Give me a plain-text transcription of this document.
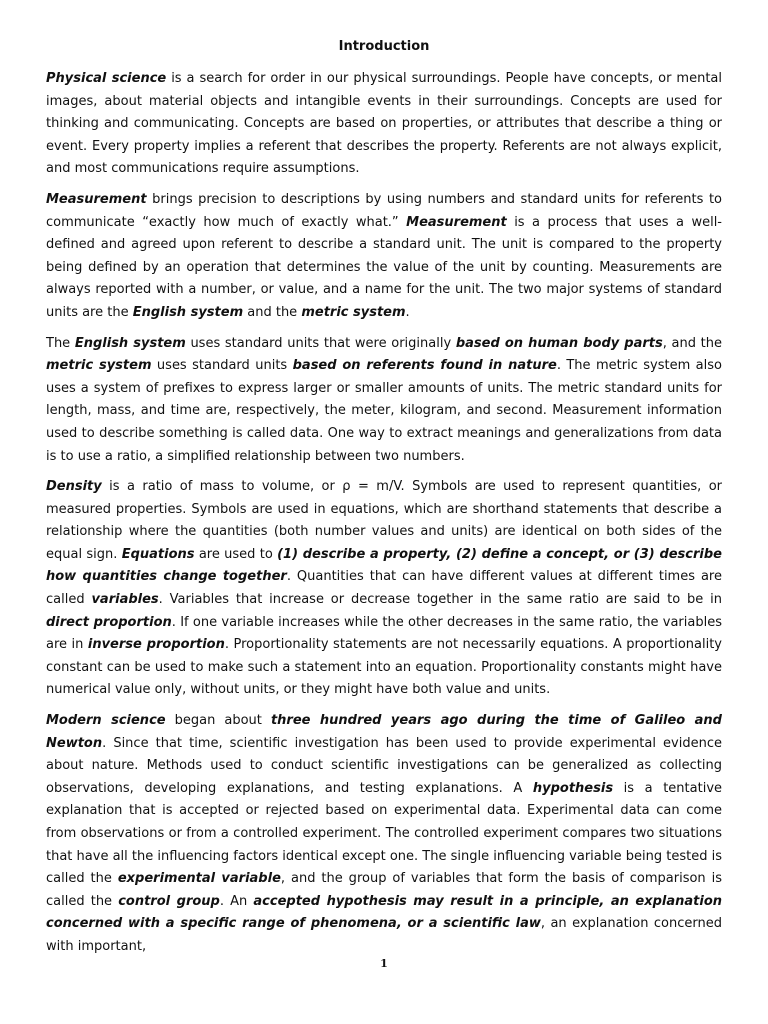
Introduction

Physical science is a search for order in our physical surroundings. People have concepts, or mental images, about material objects and intangible events in their surroundings. Concepts are used for thinking and communicating. Concepts are based on properties, or attributes that describe a thing or event. Every property implies a referent that describes the property. Referents are not always explicit, and most communications require assumptions.

Measurement brings precision to descriptions by using numbers and standard units for referents to communicate “exactly how much of exactly what.” Measurement is a process that uses a well-defined and agreed upon referent to describe a standard unit. The unit is compared to the property being defined by an operation that determines the value of the unit by counting. Measurements are always reported with a number, or value, and a name for the unit. The two major systems of standard units are the English system and the metric system.

The English system uses standard units that were originally based on human body parts, and the metric system uses standard units based on referents found in nature. The metric system also uses a system of prefixes to express larger or smaller amounts of units. The metric standard units for length, mass, and time are, respectively, the meter, kilogram, and second. Measurement information used to describe something is called data. One way to extract meanings and generalizations from data is to use a ratio, a simplified relationship between two numbers.

Density is a ratio of mass to volume, or ρ = m/V. Symbols are used to represent quantities, or measured properties. Symbols are used in equations, which are shorthand statements that describe a relationship where the quantities (both number values and units) are identical on both sides of the equal sign. Equations are used to (1) describe a property, (2) define a concept, or (3) describe how quantities change together. Quantities that can have different values at different times are called variables. Variables that increase or decrease together in the same ratio are said to be in direct proportion. If one variable increases while the other decreases in the same ratio, the variables are in inverse proportion. Proportionality statements are not necessarily equations. A proportionality constant can be used to make such a statement into an equation. Proportionality constants might have numerical value only, without units, or they might have both value and units.

Modern science began about three hundred years ago during the time of Galileo and Newton. Since that time, scientific investigation has been used to provide experimental evidence about nature. Methods used to conduct scientific investigations can be generalized as collecting observations, developing explanations, and testing explanations. A hypothesis is a tentative explanation that is accepted or rejected based on experimental data. Experimental data can come from observations or from a controlled experiment. The controlled experiment compares two situations that have all the influencing factors identical except one. The single influencing variable being tested is called the experimental variable, and the group of variables that form the basis of comparison is called the control group. An accepted hypothesis may result in a principle, an explanation concerned with a specific range of phenomena, or a scientific law, an explanation concerned with important,

1
